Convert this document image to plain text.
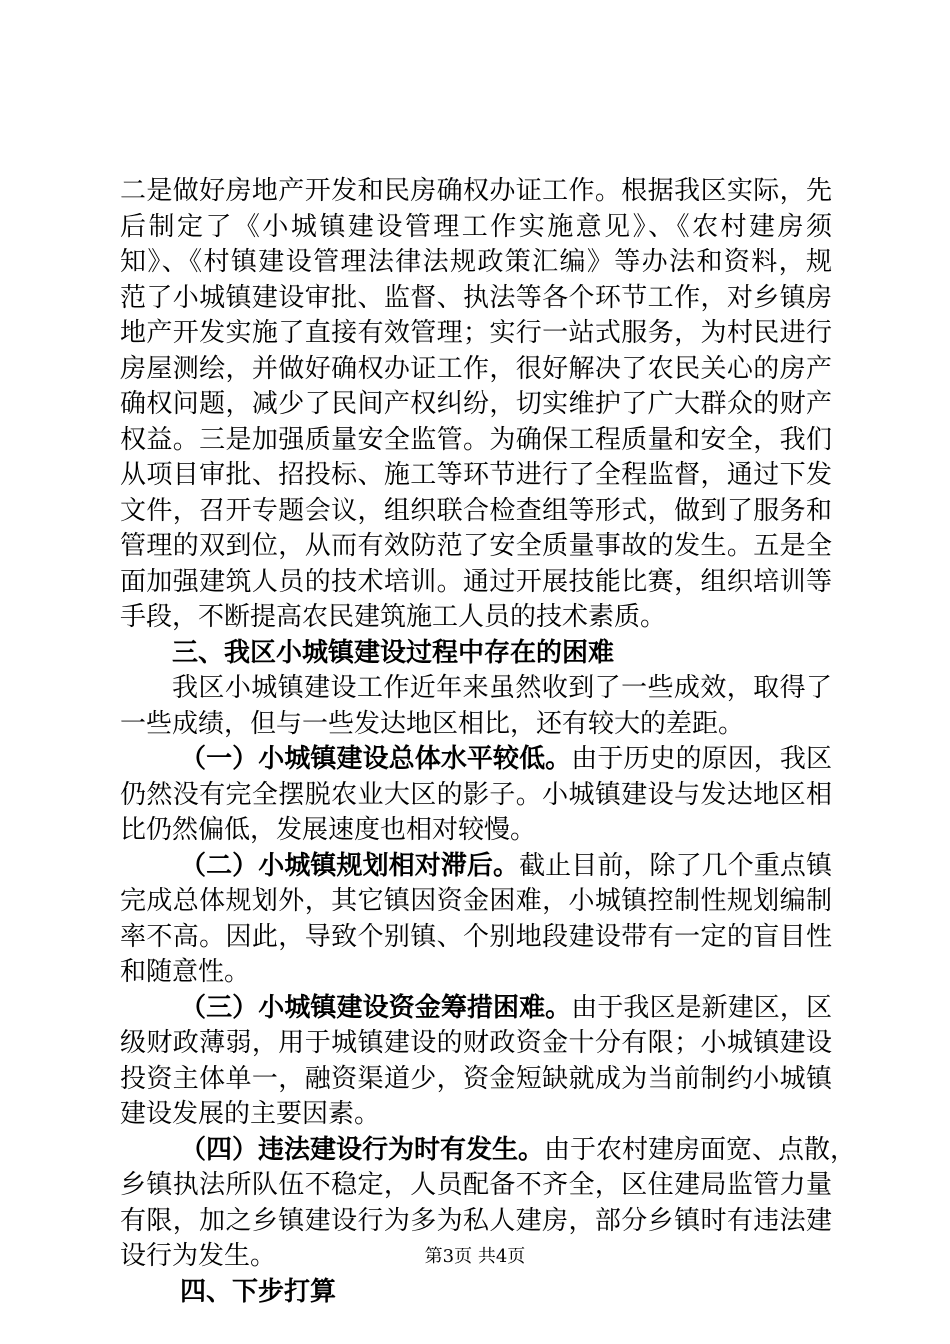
二是做好房地产开发和民房确权办证工作。根据我区实际，先
后制定了《小城镇建设管理工作实施意见》、《农村建房须
知》、《村镇建设管理法律法规政策汇编》等办法和资料，规
范了小城镇建设审批、监督、执法等各个环节工作，对乡镇房
地产开发实施了直接有效管理；实行一站式服务，为村民进行
房屋测绘，并做好确权办证工作，很好解决了农民关心的房产
确权问题，减少了民间产权纠纷，切实维护了广大群众的财产
权益。三是加强质量安全监管。为确保工程质量和安全，我们
从项目审批、招投标、施工等环节进行了全程监督，通过下发
文件，召开专题会议，组织联合检查组等形式，做到了服务和
管理的双到位，从而有效防范了安全质量事故的发生。五是全
面加强建筑人员的技术培训。通过开展技能比赛，组织培训等
手段，不断提高农民建筑施工人员的技术素质。
三、我区小城镇建设过程中存在的困难
我区小城镇建设工作近年来虽然收到了一些成效，取得了
一些成绩，但与一些发达地区相比，还有较大的差距。
（一）小城镇建设总体水平较低。由于历史的原因，我区
仍然没有完全摆脱农业大区的影子。小城镇建设与发达地区相
比仍然偏低，发展速度也相对较慢。
（二）小城镇规划相对滞后。截止目前，除了几个重点镇
完成总体规划外，其它镇因资金困难，小城镇控制性规划编制
率不高。因此，导致个别镇、个别地段建设带有一定的盲目性
和随意性。
（三）小城镇建设资金筹措困难。由于我区是新建区，区
级财政薄弱，用于城镇建设的财政资金十分有限；小城镇建设
投资主体单一，融资渠道少，资金短缺就成为当前制约小城镇
建设发展的主要因素。
（四）违法建设行为时有发生。由于农村建房面宽、点散，
乡镇执法所队伍不稳定，人员配备不齐全，区住建局监管力量
有限，加之乡镇建设行为多为私人建房，部分乡镇时有违法建
设行为发生。
四、下步打算
第3页 共4页
